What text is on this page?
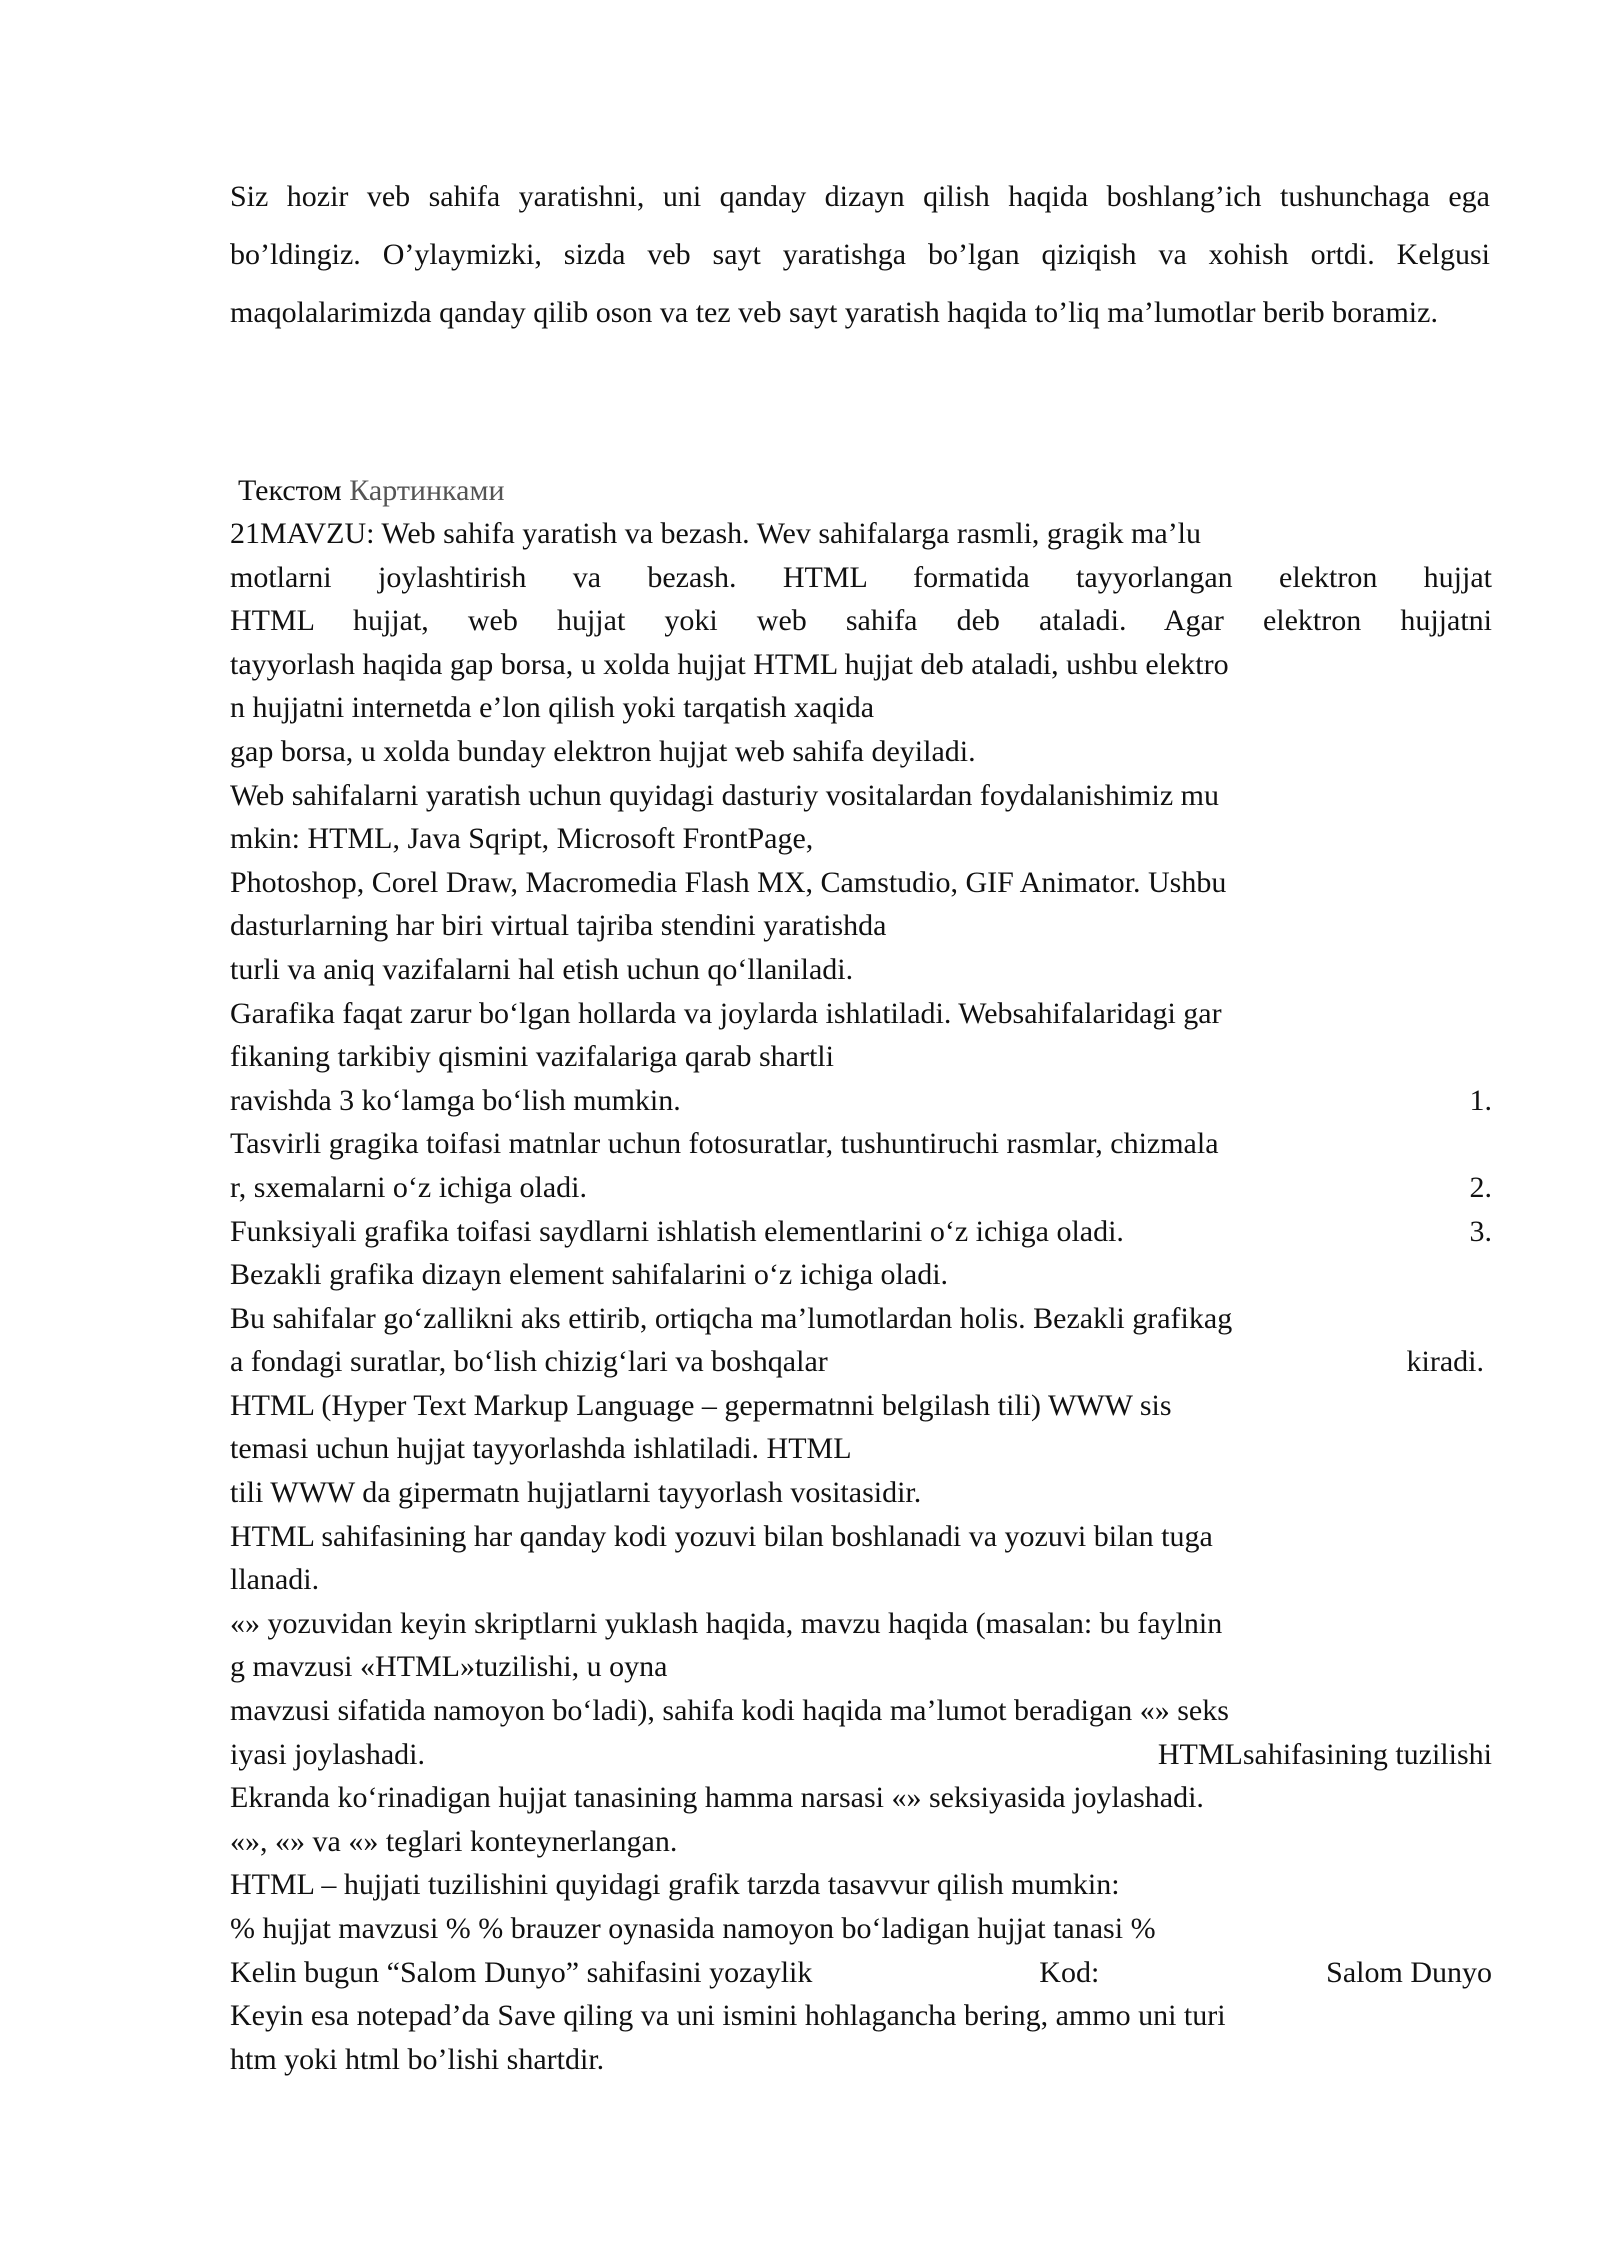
Siz hozir veb sahifa yaratishni, uni qanday dizayn qilish haqida boshlang’ich tushunchaga ega bo’ldingiz. O’ylaymizki, sizda veb sayt yaratishga bo’lgan qiziqish va xohish ortdi. Kelgusi maqolalarimizda qanday qilib oson va tez veb sayt yaratish haqida to’liq ma’lumotlar berib boramiz.

Текстом Картинками
21MAVZU: Web sahifa yaratish va bezash. Wev sahifalarga rasmli, gragik ma’lu
motlarni joylashtirish va bezash. HTML formatida tayyorlangan elektron hujjat
HTML hujjat, web hujjat yoki web sahifa deb ataladi. Agar elektron hujjatni
tayyorlash haqida gap borsa, u xolda hujjat HTML hujjat deb ataladi, ushbu elektro
n hujjatni internetda e’lon qilish yoki tarqatish xaqida
gap borsa, u xolda bunday elektron hujjat web sahifa deyiladi.
Web sahifalarni yaratish uchun quyidagi dasturiy vositalardan foydalanishimiz mu
mkin: HTML, Java Sqript, Microsoft FrontPage,
Photoshop, Corel Draw, Macromedia Flash MX, Camstudio, GIF Animator. Ushbu
dasturlarning har biri virtual tajriba stendini yaratishda
turli va aniq vazifalarni hal etish uchun qo‘llaniladi.
Garafika faqat zarur bo‘lgan hollarda va joylarda ishlatiladi. Websahifalaridagi gar
fikaning tarkibiy qismini vazifalariga qarab shartli
ravishda 3 ko‘lamga bo‘lish mumkin.	1.
Tasvirli gragika toifasi matnlar uchun fotosuratlar, tushuntiruchi rasmlar, chizmala
r, sxemalarni o‘z ichiga oladi.	2.
Funksiyali grafika toifasi saydlarni ishlatish elementlarini o‘z ichiga oladi.	3.
Bezakli grafika dizayn element sahifalarini o‘z ichiga oladi.
Bu sahifalar go‘zallikni aks ettirib, ortiqcha ma’lumotlardan holis. Bezakli grafikag
a fondagi suratlar, bo‘lish chizig‘lari va boshqalar	kiradi.
HTML (Hyper Text Markup Language – gepermatnni belgilash tili) WWW sis
temasi uchun hujjat tayyorlashda ishlatiladi. HTML
tili WWW da gipermatn hujjatlarni tayyorlash vositasidir.
HTML sahifasining har qanday kodi yozuvi bilan boshlanadi va yozuvi bilan tuga
llanadi.
«» yozuvidan keyin skriptlarni yuklash haqida, mavzu haqida (masalan: bu faylnin
g mavzusi «HTML»tuzilishi, u oyna
mavzusi sifatida namoyon bo‘ladi), sahifa kodi haqida ma’lumot beradigan «» seks
iyasi joylashadi.	HTMLsahifasining tuzilishi
Ekranda ko‘rinadigan hujjat tanasining hamma narsasi «» seksiyasida joylashadi.
«», «» va «» teglari konteynerlangan.
HTML – hujjati tuzilishini quyidagi grafik tarzda tasavvur qilish mumkin:
% hujjat mavzusi % % brauzer oynasida namoyon bo‘ladigan hujjat tanasi %
Kelin bugun “Salom Dunyo” sahifasini yozaylik	Kod:	Salom Dunyo
Keyin esa notepad’da Save qiling va uni ismini hohlagancha bering, ammo uni turi
htm yoki html bo’lishi shartdir.
